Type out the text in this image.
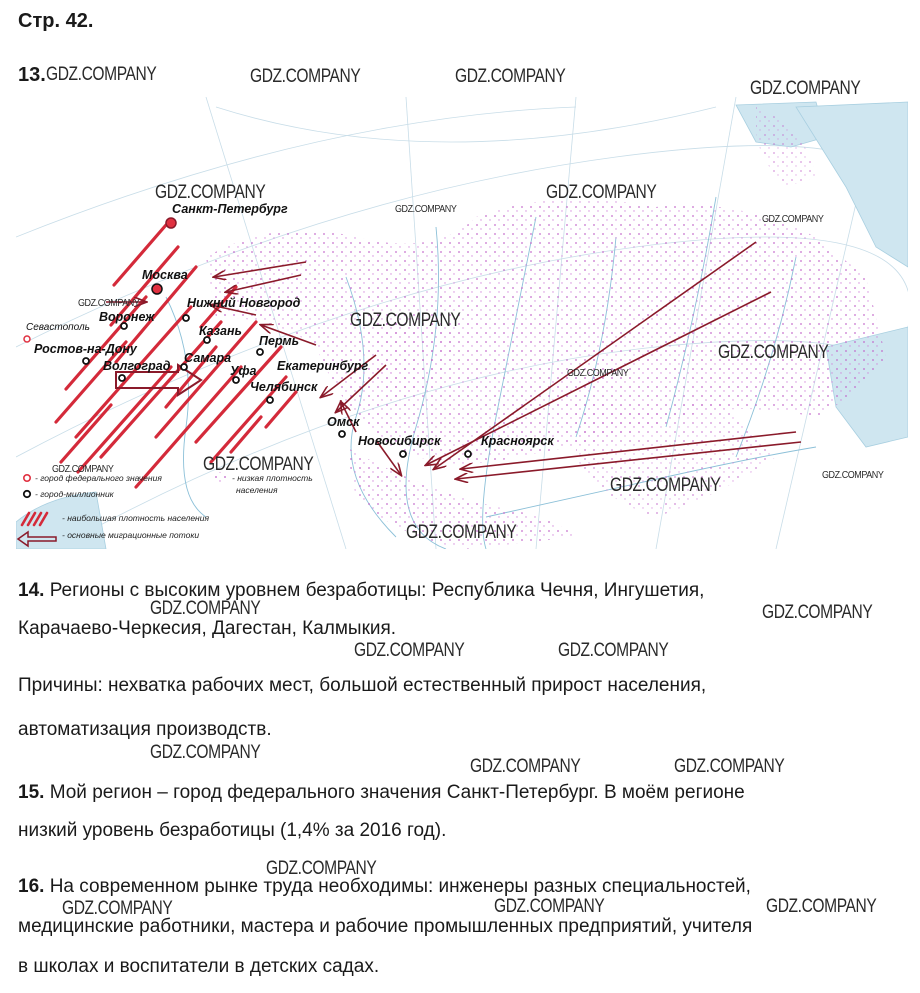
Стр. 42.
13.
Санкт-Петербург
Москва
Нижний Новгород
Воронеж
Казань
Севастополь
Ростов-на-Дону
Пермь
Самара
Екатеринбург
Волгоград	Уфа
Челябинск
Омск
Новосибирск	Красноярск
- город федерального значения
- город-миллионник
- низкая плотность
населения
- наибольшая плотность населения
- основные миграционные потоки
14. Регионы с высоким уровнем безработицы: Республика Чечня, Ингушетия,
Карачаево-Черкесия, Дагестан, Калмыкия.
Причины: нехватка рабочих мест, большой естественный прирост населения,
автоматизация производств.
15. Мой регион – город федерального значения Санкт-Петербург. В моём регионе
низкий уровень безработицы (1,4% за 2016 год).
16. На современном рынке труда необходимы: инженеры разных специальностей,
медицинские работники, мастера и рабочие промышленных предприятий, учителя
в школах и воспитатели в детских садах.
GDZ.COMPANY	GDZ.COMPANY	GDZ.COMPANY
GDZ.COMPANY
GDZ.COMPANY	GDZ.COMPANY
GDZ.COMPANY
GDZ.COMPANY
GDZ.COMPANY
GDZ.COMPANY
GDZ.COMPANY
GDZ.COMPANY
GDZ.COMPANY	GDZ.COMPANY
GDZ.COMPANY
GDZ.COMPANY
GDZ.COMPANY
GDZ.COMPANY	GDZ.COMPANY
GDZ.COMPANY	GDZ.COMPANY
GDZ.COMPANY
GDZ.COMPANY	GDZ.COMPANY
GDZ.COMPANY
GDZ.COMPANY	GDZ.COMPANY	GDZ.COMPANY
